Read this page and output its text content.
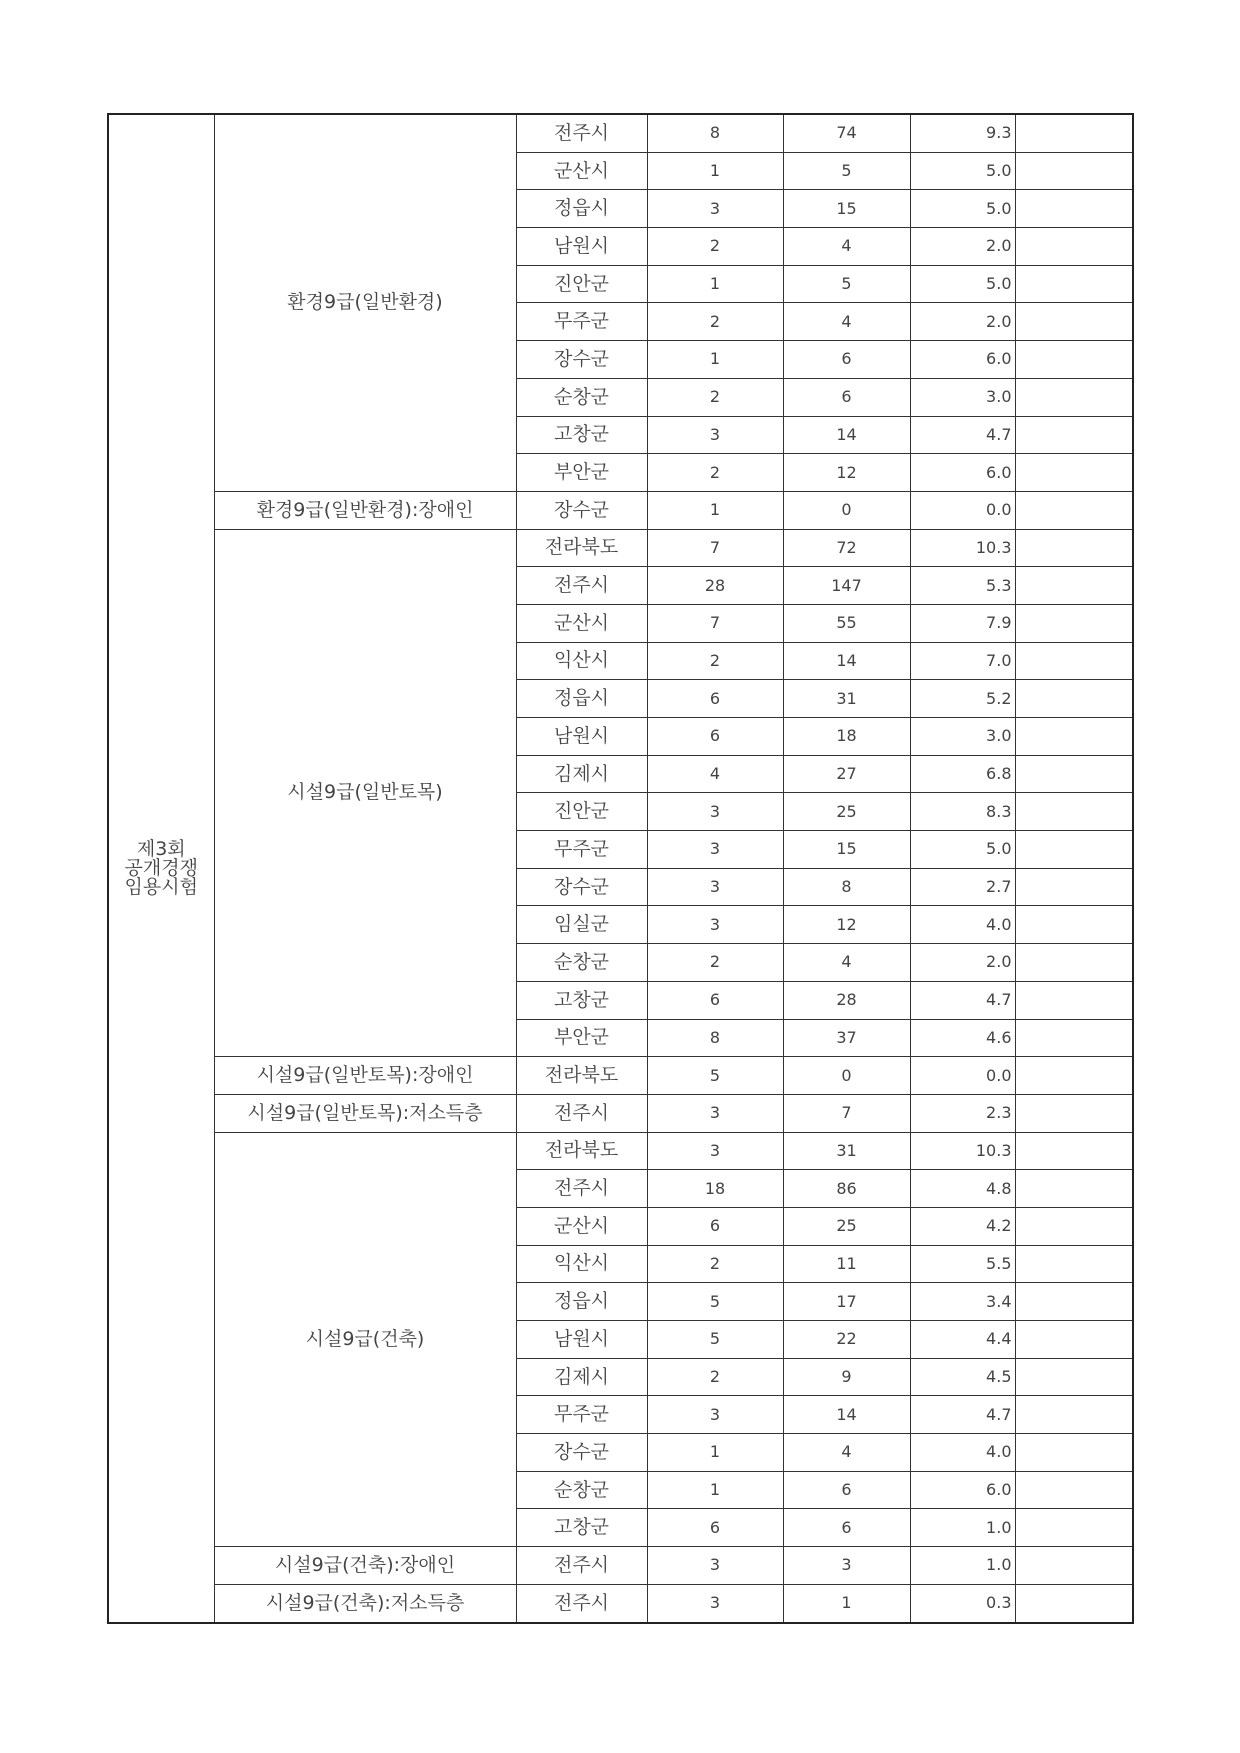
제3회
공개경쟁
임용시험	환경9급(일반환경)	전주시	8	74	9.3	
		군산시	1	5	5.0	
		정읍시	3	15	5.0	
		남원시	2	4	2.0	
		진안군	1	5	5.0	
		무주군	2	4	2.0	
		장수군	1	6	6.0	
		순창군	2	6	3.0	
		고창군	3	14	4.7	
		부안군	2	12	6.0	
	환경9급(일반환경):장애인	장수군	1	0	0.0	
	시설9급(일반토목)	전라북도	7	72	10.3	
		전주시	28	147	5.3	
		군산시	7	55	7.9	
		익산시	2	14	7.0	
		정읍시	6	31	5.2	
		남원시	6	18	3.0	
		김제시	4	27	6.8	
		진안군	3	25	8.3	
		무주군	3	15	5.0	
		장수군	3	8	2.7	
		임실군	3	12	4.0	
		순창군	2	4	2.0	
		고창군	6	28	4.7	
		부안군	8	37	4.6	
	시설9급(일반토목):장애인	전라북도	5	0	0.0	
	시설9급(일반토목):저소득층	전주시	3	7	2.3	
	시설9급(건축)	전라북도	3	31	10.3	
		전주시	18	86	4.8	
		군산시	6	25	4.2	
		익산시	2	11	5.5	
		정읍시	5	17	3.4	
		남원시	5	22	4.4	
		김제시	2	9	4.5	
		무주군	3	14	4.7	
		장수군	1	4	4.0	
		순창군	1	6	6.0	
		고창군	6	6	1.0	
	시설9급(건축):장애인	전주시	3	3	1.0	
	시설9급(건축):저소득층	전주시	3	1	0.3	
